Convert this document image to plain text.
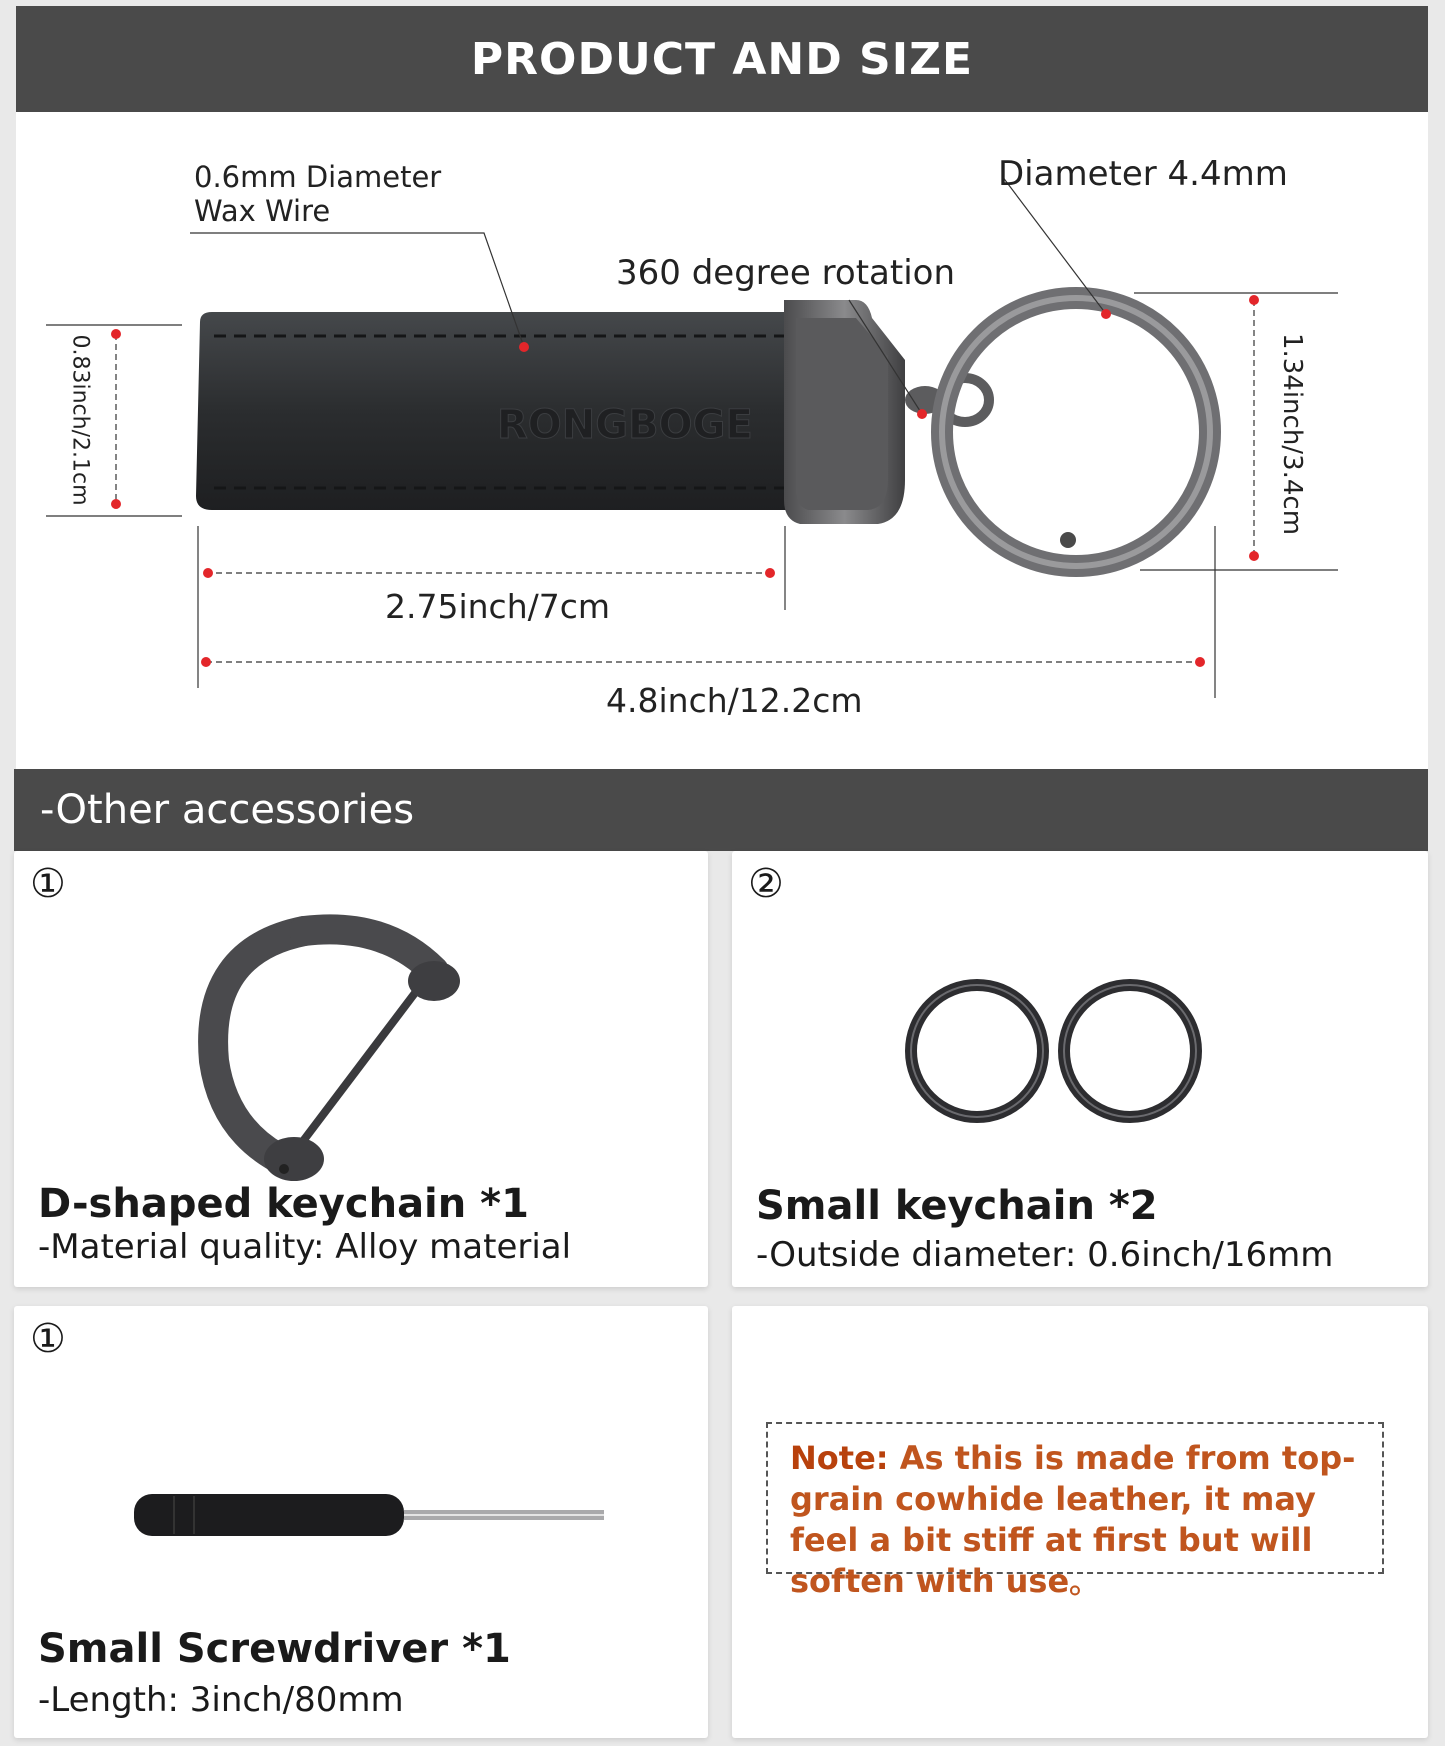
PRODUCT AND SIZE
RONGBOGE
0.6mm Diameter
Wax Wire
Diameter 4.4mm
360 degree rotation
0.83inch/2.1cm	1.34inch/3.4cm
2.75inch/7cm
4.8inch/12.2cm
-Other accessories
①
D-shaped keychain *1
-Material quality: Alloy material
②
Small keychain *2
-Outside diameter: 0.6inch/16mm
①
Small Screwdriver *1
-Length: 3inch/80mm
Note: As this is made from top-grain cowhide leather, it may feel a bit stiff at first but will soften with use。
